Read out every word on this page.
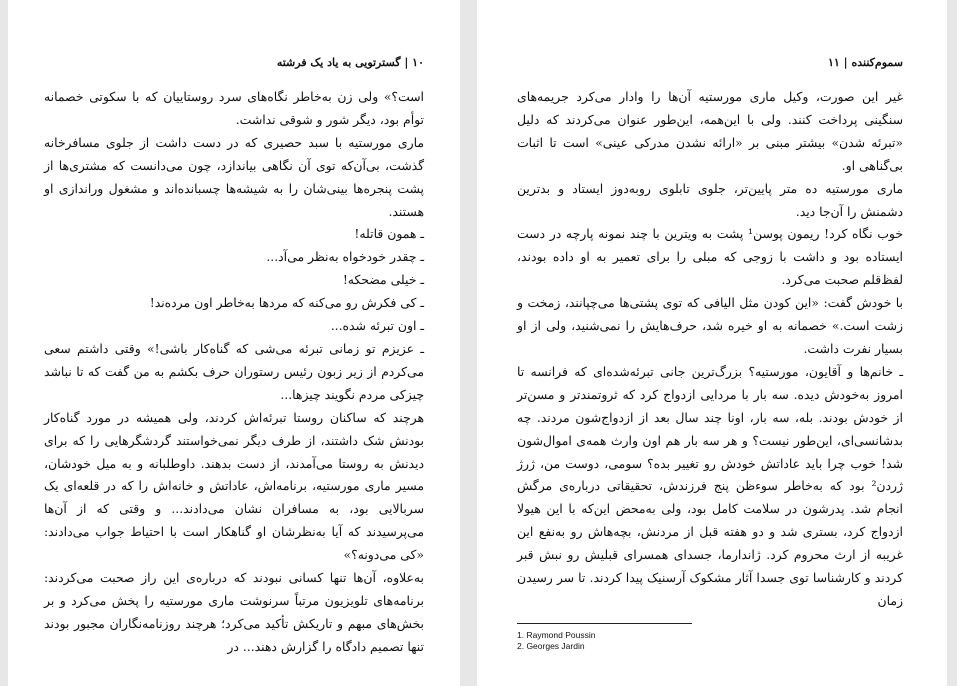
۱۰ | گسترتویی به یاد یک فرشته

است؟» ولی زن به‌خاطر نگاه‌های سرد روستاییان که با سکوتی خصمانه توأم بود، دیگر شور و شوقی نداشت.

ماری مورستیه با سبد حصیری که در دست داشت از جلوی مسافرخانه گذشت، بی‌آن‌که توی آن نگاهی بیاندازد، چون می‌دانست که مشتری‌ها از پشت پنجره‌ها بینی‌شان را به شیشه‌ها چسبانده‌اند و مشغول وراندازی او هستند.

ـ همون قاتله!

ـ چقدر خودخواه به‌نظر می‌آد...

ـ خیلی مضحکه!

ـ کی فکرش رو می‌کنه که مردها به‌خاطر اون مرده‌ند!

ـ اون تبرئه شده...

ـ عزیزم تو زمانی تبرئه می‌شی که گناه‌کار باشی!» وقتی داشتم سعی می‌کردم از زیر زبون رئیس رستوران حرف بکشم به من گفت که تا نباشد چیزکی مردم نگویند چیزها...

هرچند که ساکنان روستا تبرئه‌اش کردند، ولی همیشه در مورد گناه‌کار بودنش شک داشتند، از طرف دیگر نمی‌خواستند گردشگرهایی را که برای دیدنش به روستا می‌آمدند، از دست بدهند. داوطلبانه و به میل خودشان، مسیر ماری مورستیه، برنامه‌اش، عاداتش و خانه‌اش را که در قلعه‌ای یک سربالایی بود، به مسافران نشان می‌دادند... و وقتی که از آن‌ها می‌پرسیدند که آیا به‌نظرشان او گناهکار است با احتیاط جواب می‌دادند: «کی می‌دونه؟»

به‌علاوه، آن‌ها تنها کسانی نبودند که درباره‌ی این راز صحبت می‌کردند: برنامه‌های تلویزیون مرتباً سرنوشت ماری مورستیه را پخش می‌کرد و بر بخش‌های مبهم و تاریکش تأکید می‌کرد؛ هرچند روزنامه‌نگاران مجبور بودند تنها تصمیم دادگاه را گزارش دهند... در

سموم‌کننده | ۱۱

غیر این صورت، وکیل ماری مورستیه آن‌ها را وادار می‌کرد جریمه‌های سنگینی پرداخت کنند. ولی با این‌همه، این‌طور عنوان می‌کردند که دلیل «تبرئه شدن» بیشتر مبنی بر «ارائه نشدن مدرکی عینی» است تا اثبات بی‌گناهی او.

ماری مورستیه ده متر پایین‌تر، جلوی تابلوی روبه‌دوز ایستاد و بدترین دشمنش را آن‌جا دید.

خوب نگاه کرد! ریمون پوسن¹ پشت به ویترین با چند نمونه پارچه در دست ایستاده بود و داشت با زوجی که مبلی را برای تعمیر به او داده بودند، لفظ‌قلم صحبت می‌کرد.

با خودش گفت: «این کودن مثل الیافی که توی پشتی‌ها می‌چپانند، زمخت و زشت است.» خصمانه به او خیره شد، حرف‌هایش را نمی‌شنید، ولی از او بسیار نفرت داشت.

ـ خانم‌ها و آقایون، مورستیه؟ بزرگ‌ترین جانی تبرئه‌شده‌ای که فرانسه تا امروز به‌خودش دیده. سه بار با مردایی ازدواج کرد که ثروتمندتر و مسن‌تر از خودش بودند. بله، سه بار، اونا چند سال بعد از ازدواج‌شون مردند. چه بدشانسی‌ای، این‌طور نیست؟ و هر سه بار هم اون وارث همه‌ی اموال‌شون شد! خوب چرا باید عاداتش خودش رو تغییر بده؟ سومی، دوست من، ژرژ ژردن² بود که به‌خاطر سوءظن پنج فرزندش، تحقیقاتی درباره‌ی مرگش انجام شد. پدرشون در سلامت کامل بود، ولی به‌محض این‌که با این هیولا ازدواج کرد، بستری شد و دو هفته قبل از مردنش، بچه‌هاش رو به‌نفع این غریبه از ارث محروم کرد. ژاندارما، جسدای همسرای قبلیش رو نبش قبر کردند و کارشناسا توی جسدا آثار مشکوک آرسنیک پیدا کردند. تا سر رسیدن زمان

1. Raymond Poussin
2. Georges Jardin
